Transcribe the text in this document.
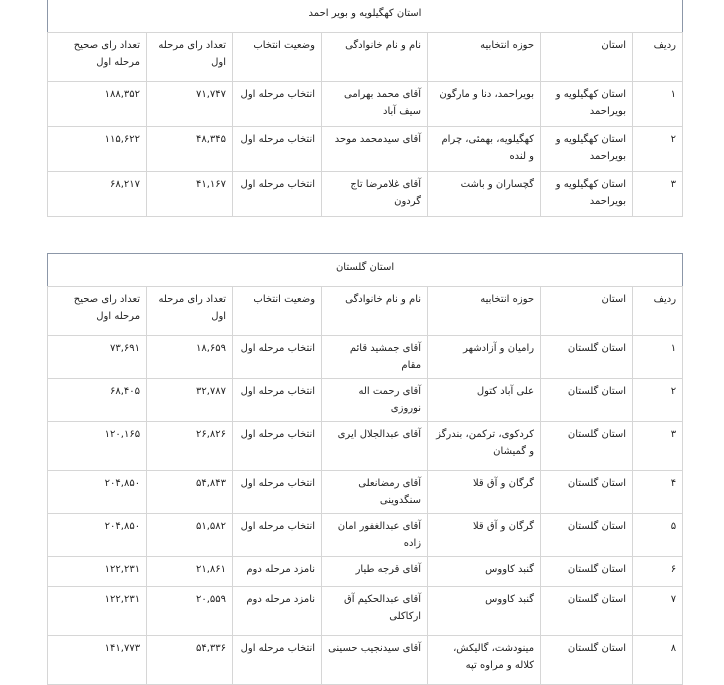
استان کهگیلویه و بویر احمد						
ردیف	استان	حوزه انتخابیه	نام و نام خانوادگی	وضعیت انتخاب	تعداد رای مرحله اول	تعداد رای صحیح مرحله اول
۱	استان کهگیلویه و بویراحمد	بویراحمد، دنا و مارگون	آقای محمد بهرامی سیف آباد	انتخاب مرحله اول	۷۱,۷۴۷	۱۸۸,۳۵۲
۲	استان کهگیلویه و بویراحمد	کهگیلویه، بهمئی، چرام و لنده	آقای سیدمحمد موحد	انتخاب مرحله اول	۴۸,۳۴۵	۱۱۵,۶۲۲
۳	استان کهگیلویه و بویراحمد	گچساران و باشت	آقای غلامرضا تاج گردون	انتخاب مرحله اول	۴۱,۱۶۷	۶۸,۲۱۷
استان گلستان						
ردیف	استان	حوزه انتخابیه	نام و نام خانوادگی	وضعیت انتخاب	تعداد رای مرحله اول	تعداد رای صحیح مرحله اول
۱	استان گلستان	رامیان و آزادشهر	آقای جمشید قائم مقام	انتخاب مرحله اول	۱۸,۶۵۹	۷۳,۶۹۱
۲	استان گلستان	علی آباد کتول	آقای رحمت اله نوروزی	انتخاب مرحله اول	۳۲,۷۸۷	۶۸,۴۰۵
۳	استان گلستان	کردکوی، ترکمن، بندرگز و گمیشان	آقای عبدالجلال ایری	انتخاب مرحله اول	۲۶,۸۲۶	۱۲۰,۱۶۵
۴	استان گلستان	گرگان و آق قلا	آقای رمضانعلی سنگدوینی	انتخاب مرحله اول	۵۴,۸۴۳	۲۰۴,۸۵۰
۵	استان گلستان	گرگان و آق قلا	آقای عبدالغفور امان زاده	انتخاب مرحله اول	۵۱,۵۸۲	۲۰۴,۸۵۰
۶	استان گلستان	گنبد کاووس	آقای قرجه طیار	نامزد مرحله دوم	۲۱,۸۶۱	۱۲۲,۲۳۱
۷	استان گلستان	گنبد کاووس	آقای عبدالحکیم آق ارکاکلی	نامزد مرحله دوم	۲۰,۵۵۹	۱۲۲,۲۳۱
۸	استان گلستان	مینودشت، گالیکش، کلاله و مراوه تپه	آقای سیدنجیب حسینی	انتخاب مرحله اول	۵۴,۳۳۶	۱۴۱,۷۷۳
